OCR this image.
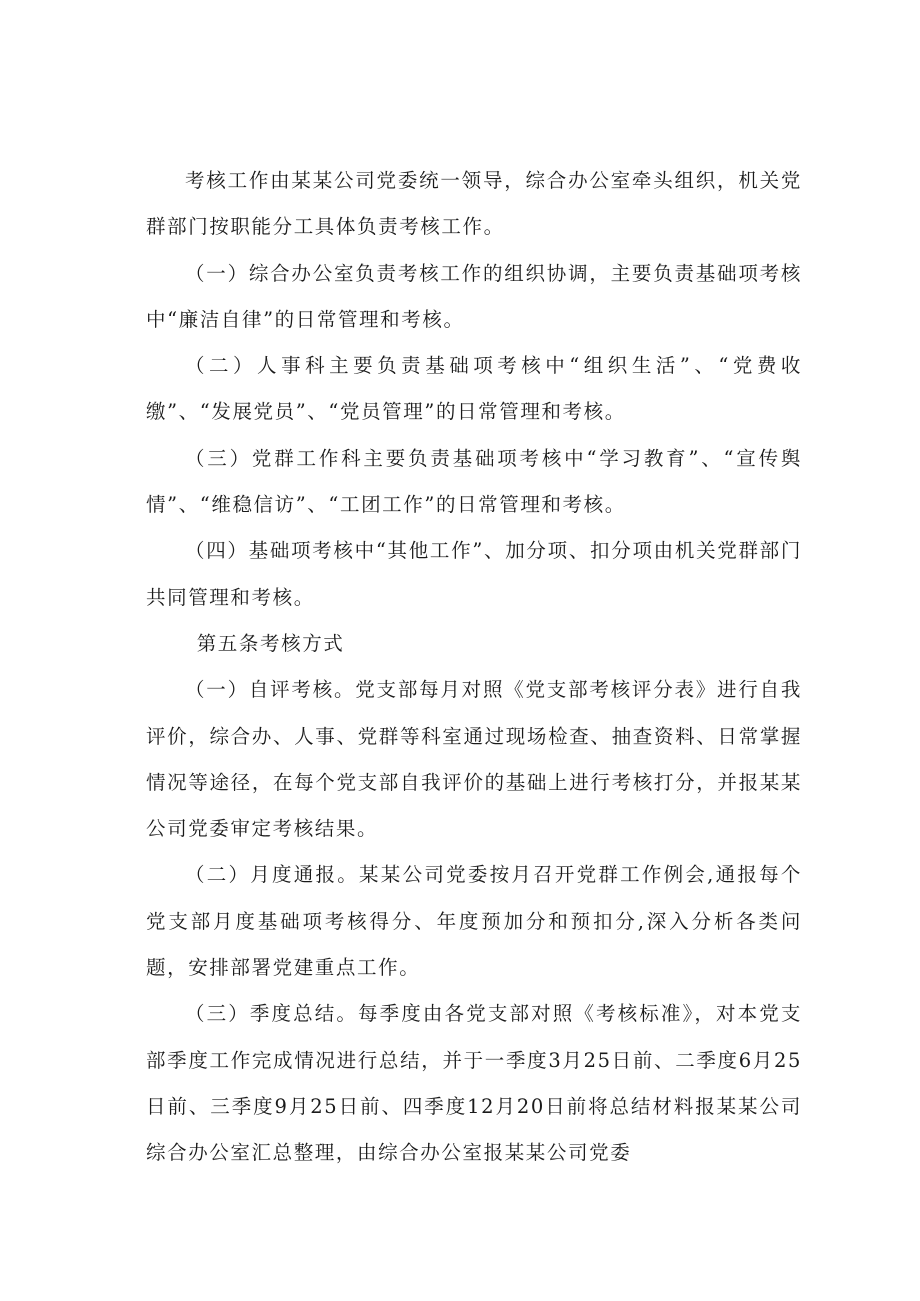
考核工作由某某公司党委统一领导，综合办公室牵头组织，机关党群部门按职能分工具体负责考核工作。

（一）综合办公室负责考核工作的组织协调，主要负责基础项考核中“廉洁自律”的日常管理和考核。

（二）人事科主要负责基础项考核中“组织生活”、“党费收缴”、“发展党员”、“党员管理”的日常管理和考核。

（三）党群工作科主要负责基础项考核中“学习教育”、“宣传舆情”、“维稳信访”、“工团工作”的日常管理和考核。

（四）基础项考核中“其他工作”、加分项、扣分项由机关党群部门共同管理和考核。

第五条考核方式

（一）自评考核。党支部每月对照《党支部考核评分表》进行自我评价，综合办、人事、党群等科室通过现场检查、抽查资料、日常掌握情况等途径，在每个党支部自我评价的基础上进行考核打分，并报某某公司党委审定考核结果。

（二）月度通报。某某公司党委按月召开党群工作例会,通报每个党支部月度基础项考核得分、年度预加分和预扣分,深入分析各类问题，安排部署党建重点工作。

（三）季度总结。每季度由各党支部对照《考核标准》，对本党支部季度工作完成情况进行总结，并于一季度3月25日前、二季度6月25日前、三季度9月25日前、四季度12月20日前将总结材料报某某公司综合办公室汇总整理，由综合办公室报某某公司党委
